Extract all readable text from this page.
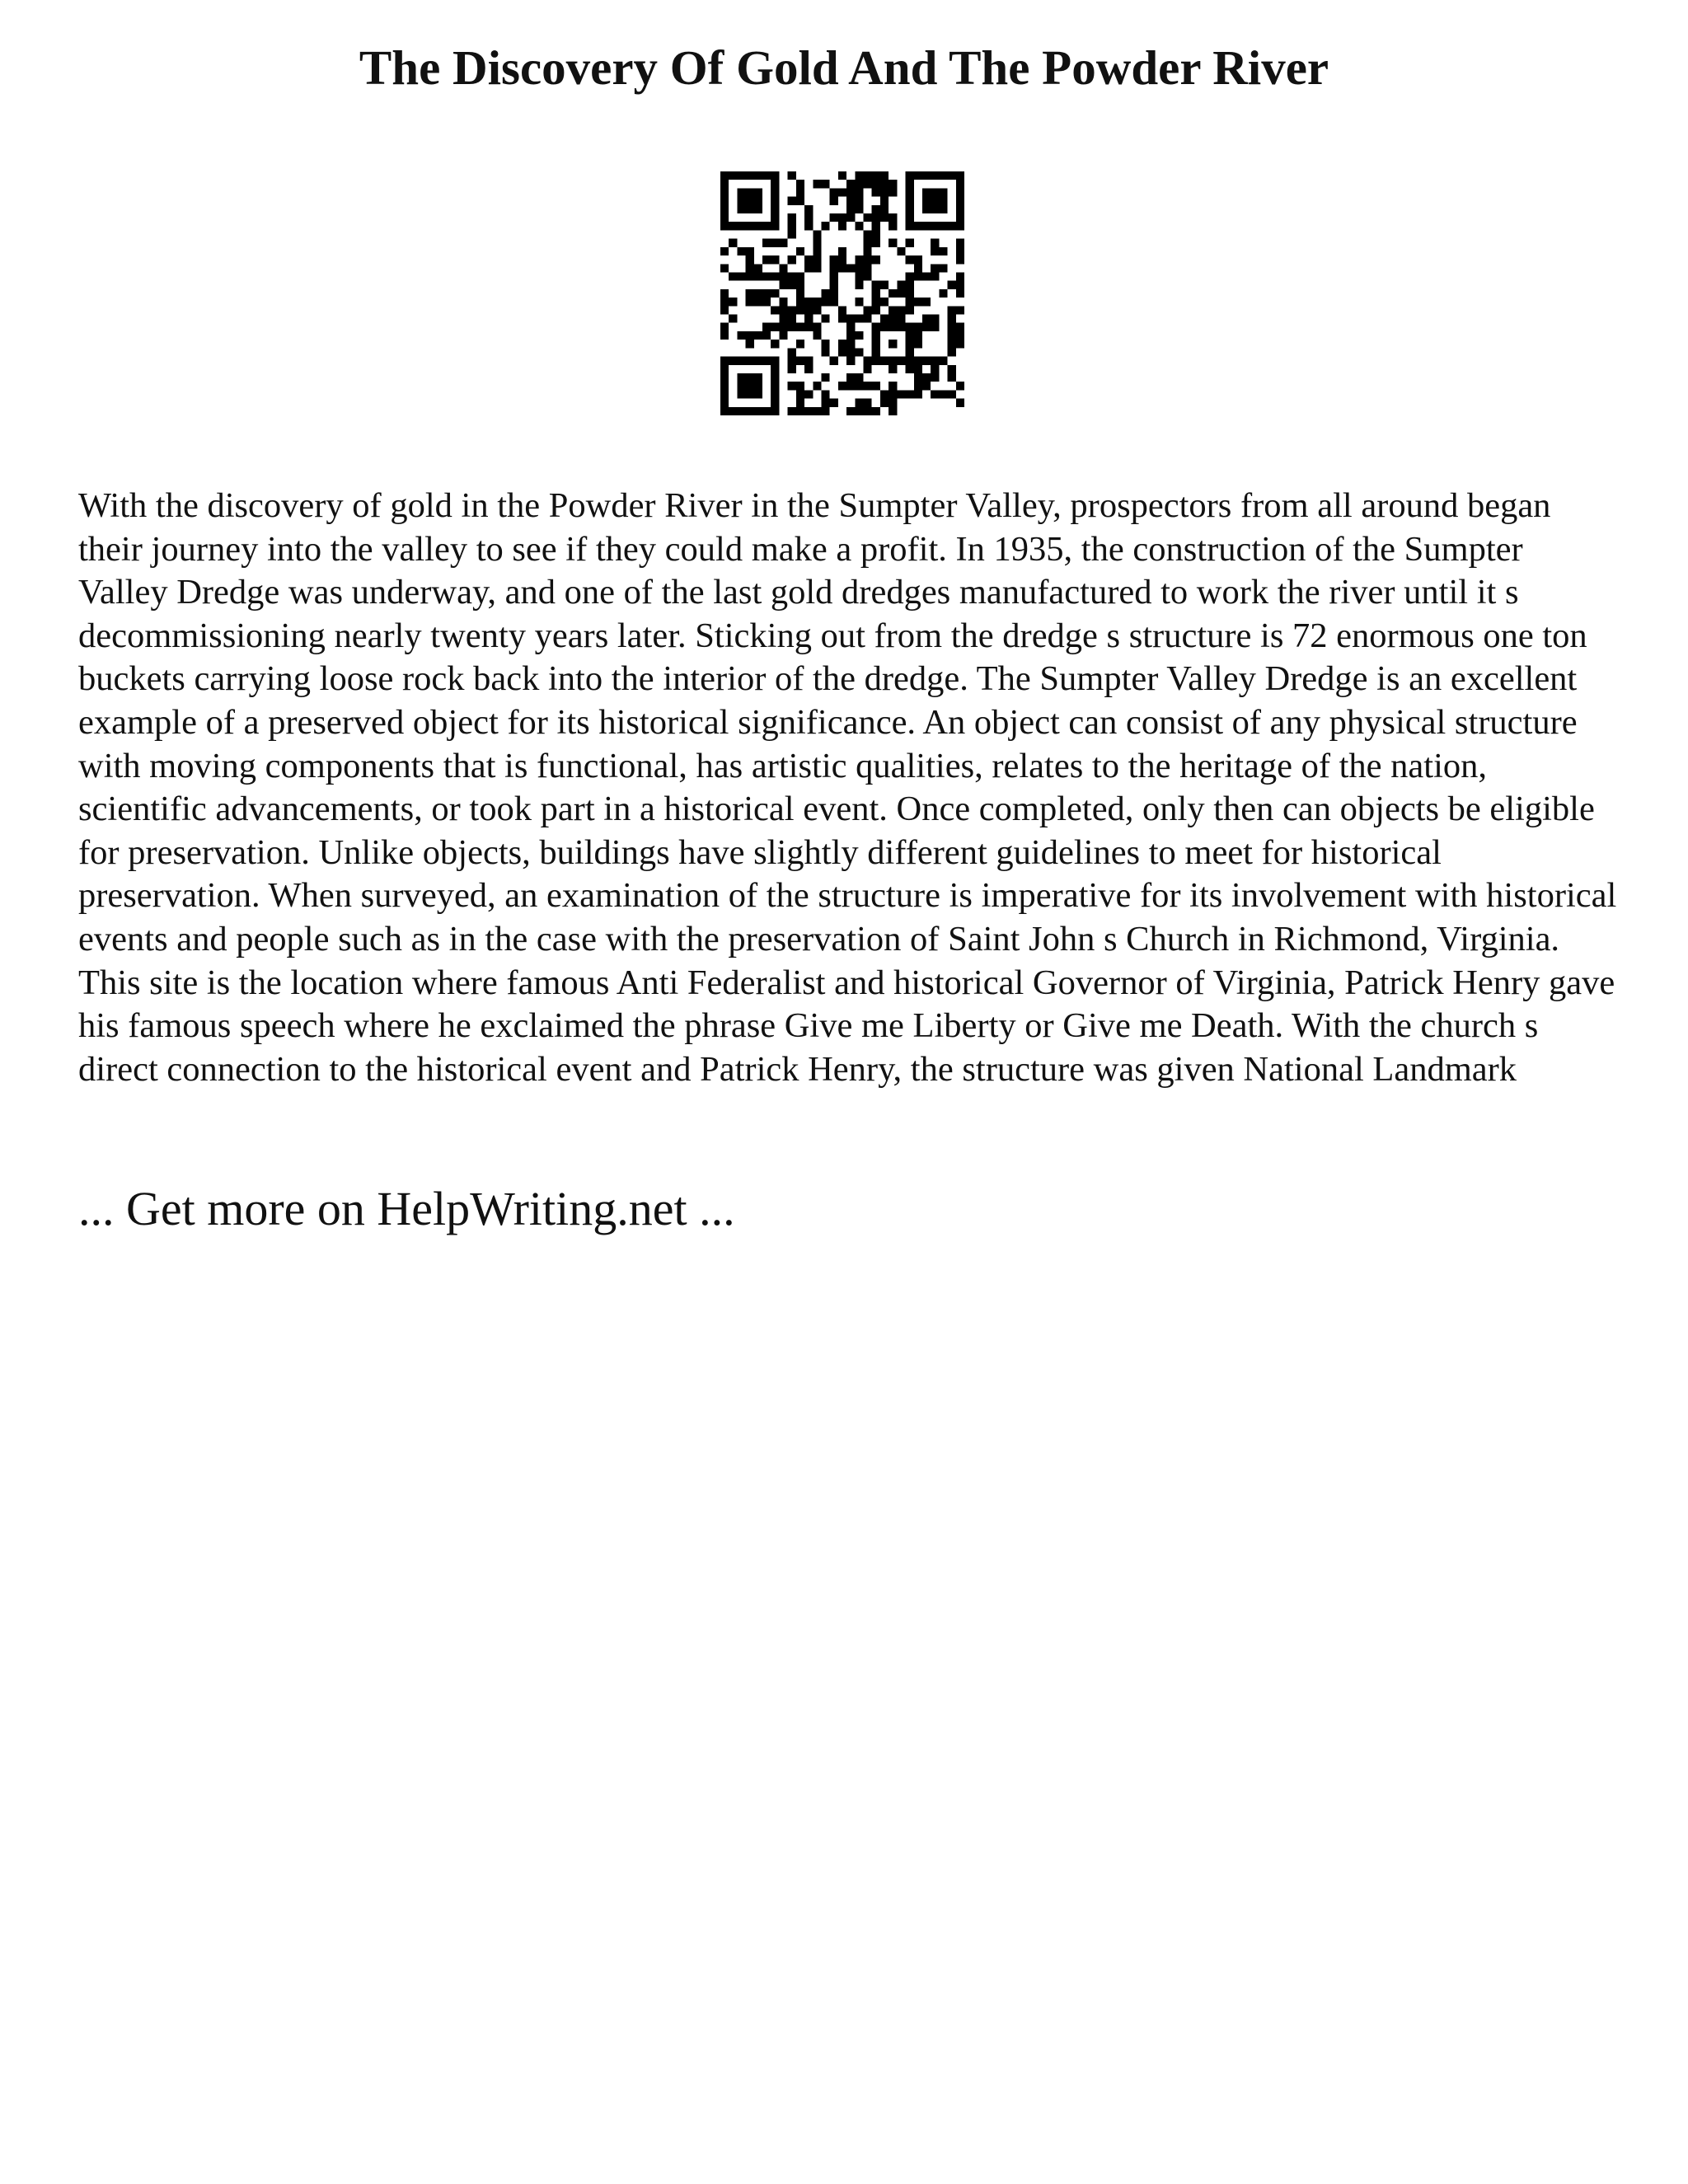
The Discovery Of Gold And The Powder River

With the discovery of gold in the Powder River in the Sumpter Valley, prospectors from all around began their journey into the valley to see if they could make a profit. In 1935, the construction of the Sumpter Valley Dredge was underway, and one of the last gold dredges manufactured to work the river until it s decommissioning nearly twenty years later. Sticking out from the dredge s structure is 72 enormous one ton buckets carrying loose rock back into the interior of the dredge. The Sumpter Valley Dredge is an excellent example of a preserved object for its historical significance. An object can consist of any physical structure with moving components that is functional, has artistic qualities, relates to the heritage of the nation, scientific advancements, or took part in a historical event. Once completed, only then can objects be eligible for preservation. Unlike objects, buildings have slightly different guidelines to meet for historical preservation. When surveyed, an examination of the structure is imperative for its involvement with historical events and people such as in the case with the preservation of Saint John s Church in Richmond, Virginia. This site is the location where famous Anti Federalist and historical Governor of Virginia, Patrick Henry gave his famous speech where he exclaimed the phrase Give me Liberty or Give me Death. With the church s direct connection to the historical event and Patrick Henry, the structure was given National Landmark

... Get more on HelpWriting.net ...
